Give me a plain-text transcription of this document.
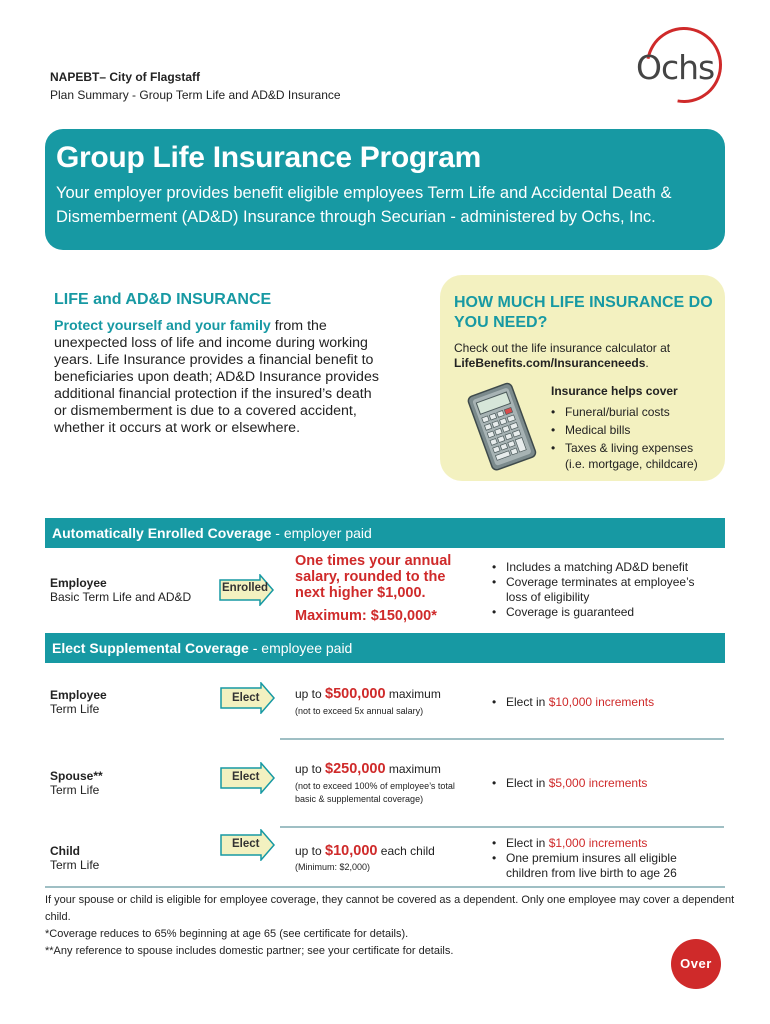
NAPEBT– City of Flagstaff
Plan Summary - Group Term Life and AD&D Insurance
Ochs
Group Life Insurance Program
Your employer provides benefit eligible employees Term Life and Accidental Death & Dismemberment (AD&D) Insurance through Securian - administered by Ochs, Inc.
LIFE and AD&D INSURANCE
Protect yourself and your family from the unexpected loss of life and income during working years. Life Insurance provides a financial benefit to beneficiaries upon death; AD&D Insurance provides additional financial protection if the insured’s death or dismemberment is due to a covered accident, whether it occurs at work or elsewhere.
HOW MUCH LIFE INSURANCE DO YOU NEED?
Check out the life insurance calculator at
LifeBenefits.com/Insuranceneeds.
Insurance helps cover
• Funeral/burial costs
• Medical bills
• Taxes & living expenses
(i.e. mortgage, childcare)
Automatically Enrolled Coverage - employer paid
Employee
Basic Term Life and AD&D
Enrolled
One times your annual
salary, rounded to the
next higher $1,000.
Maximum: $150,000*
• Includes a matching AD&D benefit
• Coverage terminates at employee’s
loss of eligibility
• Coverage is guaranteed
Elect Supplemental Coverage - employee paid
Employee
Term Life
Elect	up to $500,000 maximum
(not to exceed 5x annual salary)
• Elect in $10,000 increments
Spouse**
Term Life
Elect
up to $250,000 maximum
(not to exceed 100% of employee’s total
basic & supplemental coverage)
• Elect in $5,000 increments
Child
Term Life
Elect	up to $10,000 each child
(Minimum: $2,000)
• Elect in $1,000 increments
• One premium insures all eligible
children from live birth to age 26
If your spouse or child is eligible for employee coverage, they cannot be covered as a dependent. Only one employee may cover a dependent child.
*Coverage reduces to 65% beginning at age 65 (see certificate for details).
**Any reference to spouse includes domestic partner; see your certificate for details.
Over
